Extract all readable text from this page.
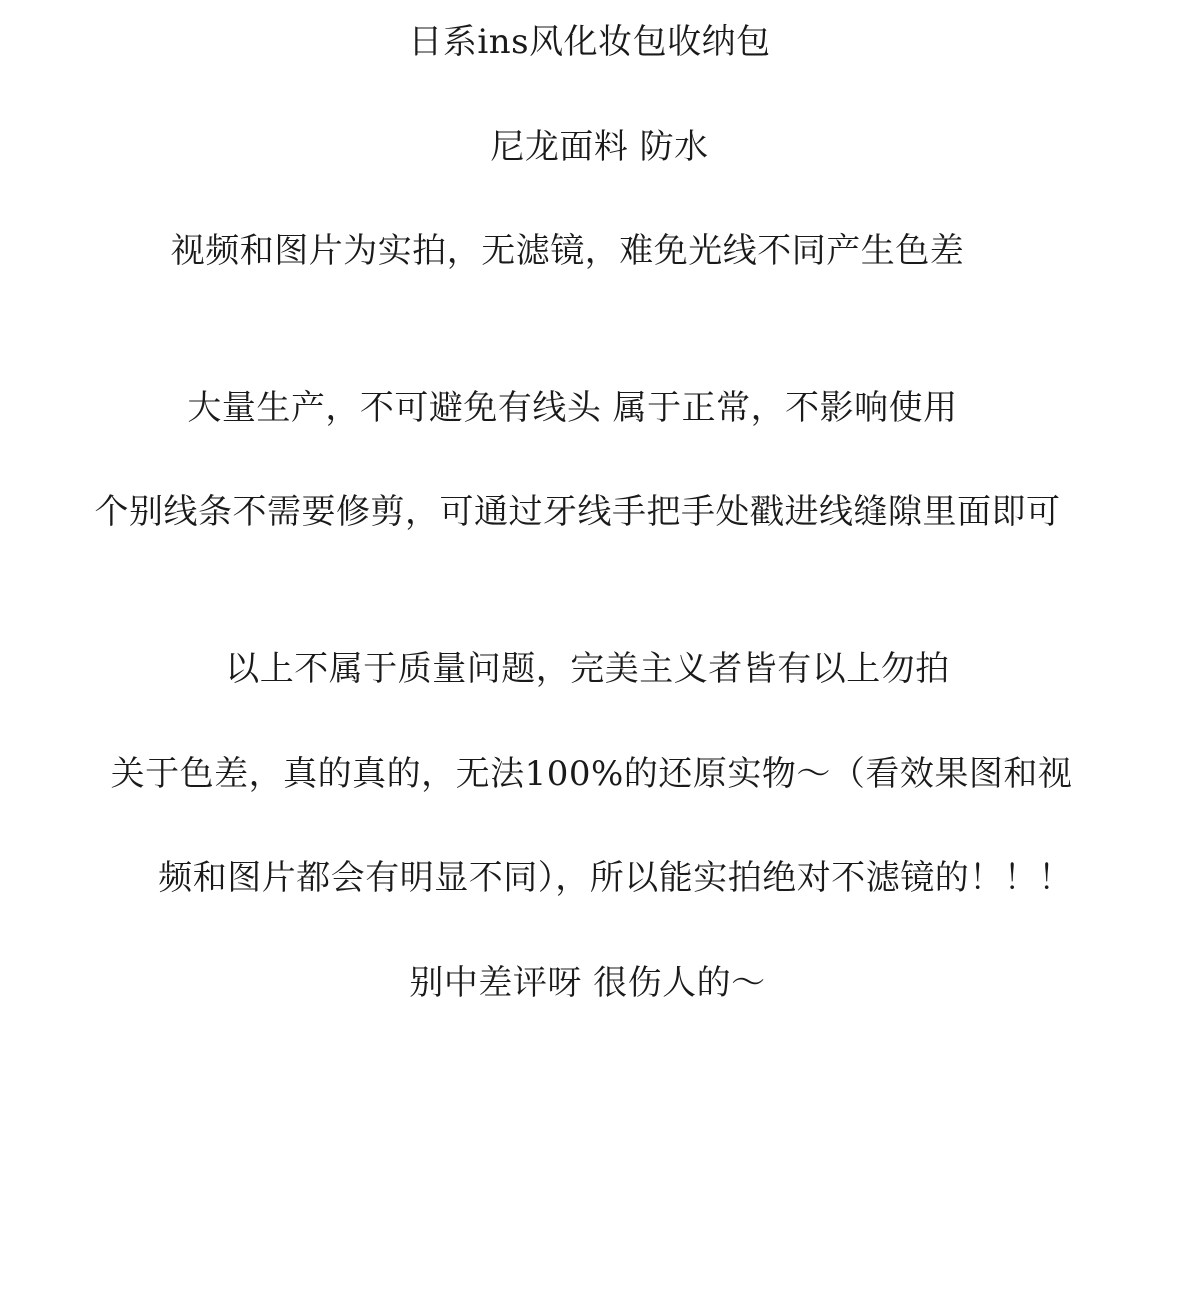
日系ins风化妆包收纳包
尼龙面料 防水
视频和图片为实拍，无滤镜，难免光线不同产生色差
大量生产，不可避免有线头 属于正常，不影响使用
个别线条不需要修剪，可通过牙线手把手处戳进线缝隙里面即可
以上不属于质量问题，完美主义者皆有以上勿拍
关于色差，真的真的，无法100%的还原实物～（看效果图和视
频和图片都会有明显不同），所以能实拍绝对不滤镜的！！！
别中差评呀 很伤人的～
